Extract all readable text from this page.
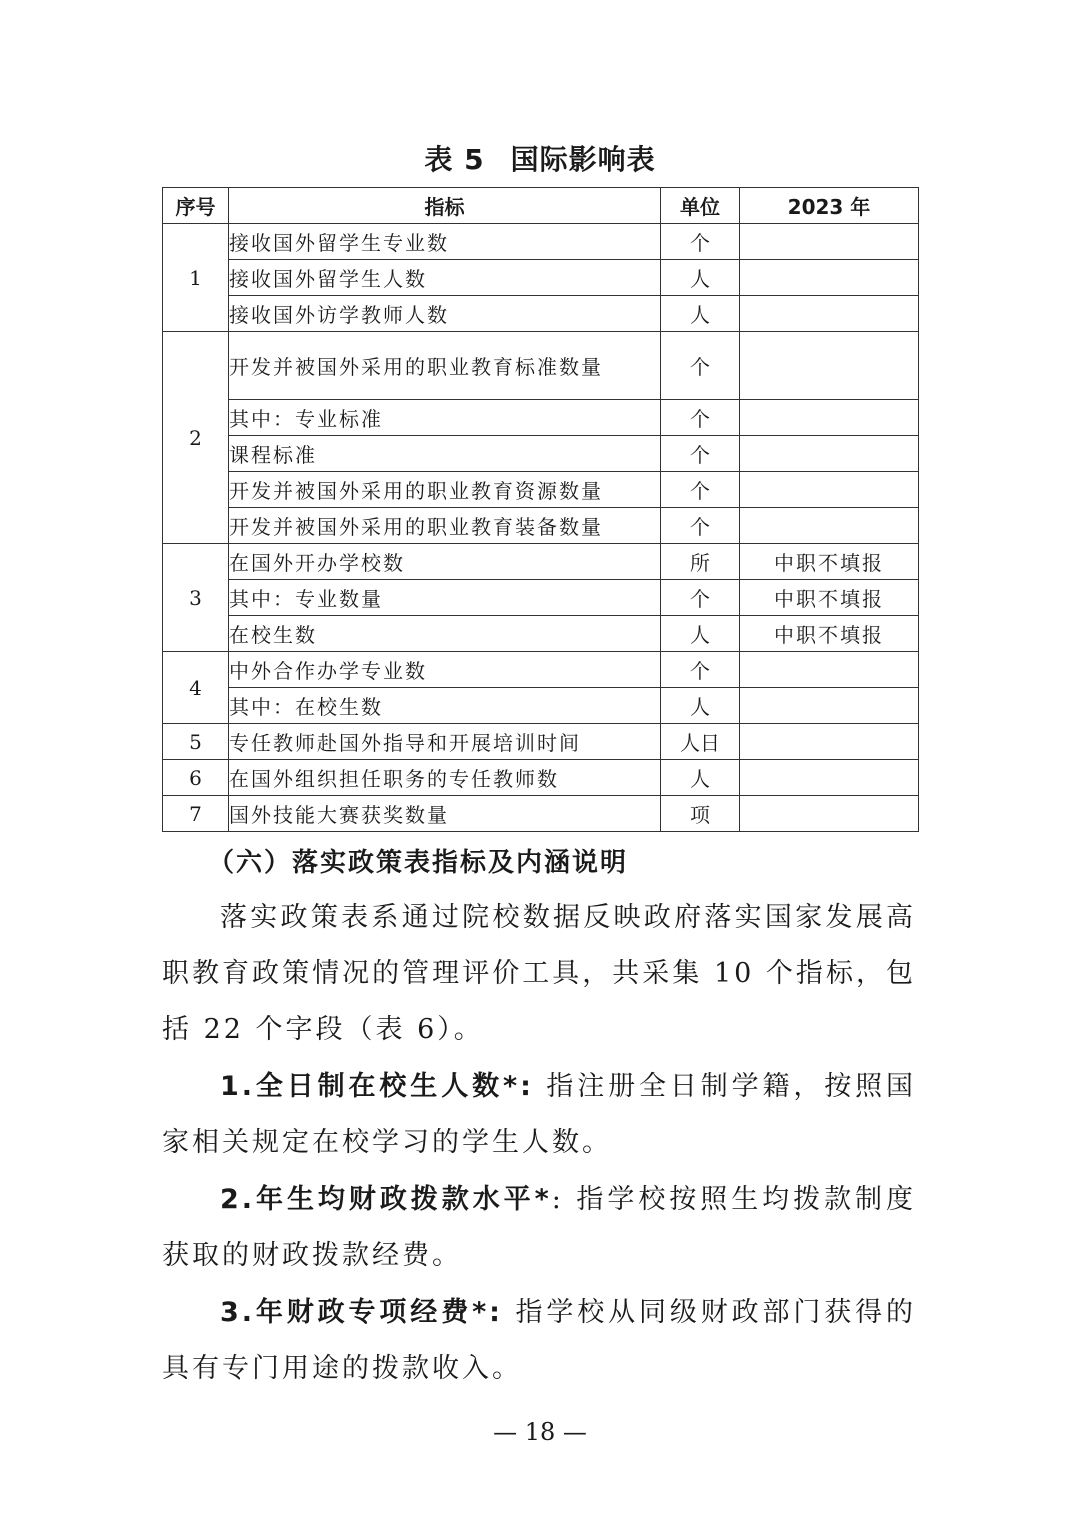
表 5 国际影响表
序号	指标	单位	2023 年
1	接收国外留学生专业数	个	
	接收国外留学生人数	人	
	接收国外访学教师人数	人	
2	开发并被国外采用的职业教育标准数量	个	
	其中：专业标准	个	
	课程标准	个	
	开发并被国外采用的职业教育资源数量	个	
	开发并被国外采用的职业教育装备数量	个	
3	在国外开办学校数	所	中职不填报
	其中：专业数量	个	中职不填报
	在校生数	人	中职不填报
4	中外合作办学专业数	个	
	其中：在校生数	人	
5	专任教师赴国外指导和开展培训时间	人日	
6	在国外组织担任职务的专任教师数	人	
7	国外技能大赛获奖数量	项	
（六）落实政策表指标及内涵说明

落实政策表系通过院校数据反映政府落实国家发展高职教育政策情况的管理评价工具，共采集 10 个指标，包括 22 个字段（表 6）。

1.全日制在校生人数*: 指注册全日制学籍，按照国家相关规定在校学习的学生人数。

2.年生均财政拨款水平*: 指学校按照生均拨款制度获取的财政拨款经费。

3.年财政专项经费*: 指学校从同级财政部门获得的具有专门用途的拨款收入。

— 18 —
